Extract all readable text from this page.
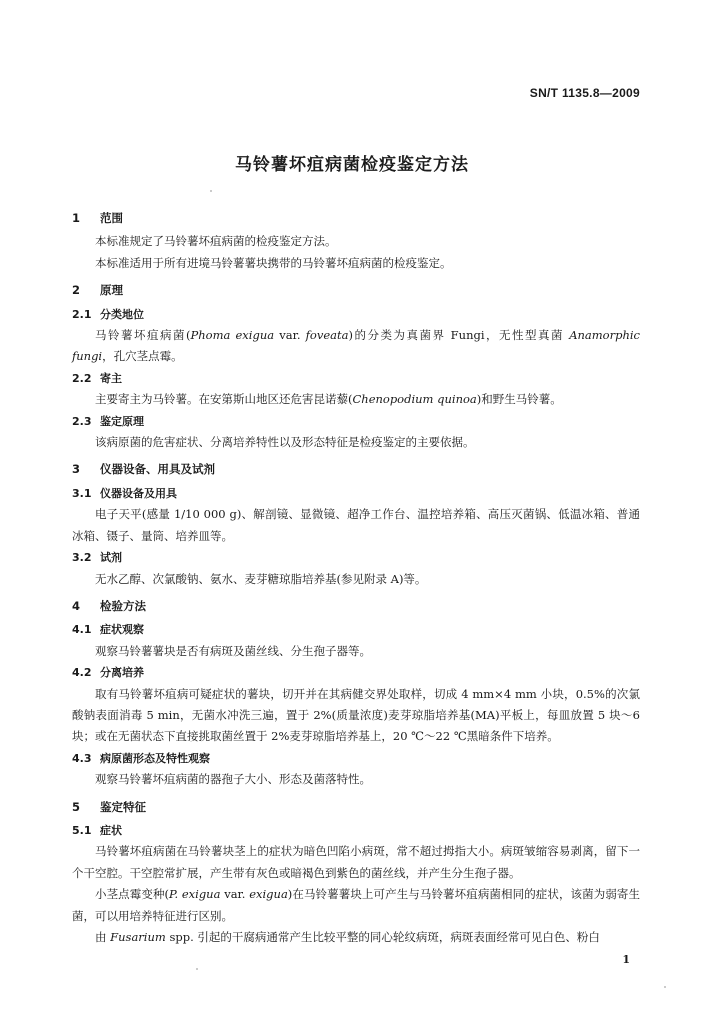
SN/T 1135.8—2009
马铃薯坏疽病菌检疫鉴定方法
1 范围
本标准规定了马铃薯坏疽病菌的检疫鉴定方法。
本标准适用于所有进境马铃薯薯块携带的马铃薯坏疽病菌的检疫鉴定。
2 原理
2.1 分类地位
马铃薯坏疽病菌(Phoma exigua var. foveata)的分类为真菌界 Fungi，无性型真菌 Anamorphic fungi，孔穴茎点霉。
2.2 寄主
主要寄主为马铃薯。在安第斯山地区还危害昆诺藜(Chenopodium quinoa)和野生马铃薯。
2.3 鉴定原理
该病原菌的危害症状、分离培养特性以及形态特征是检疫鉴定的主要依据。
3 仪器设备、用具及试剂
3.1 仪器设备及用具
电子天平(感量 1/10 000 g)、解剖镜、显微镜、超净工作台、温控培养箱、高压灭菌锅、低温冰箱、普通冰箱、镊子、量筒、培养皿等。
3.2 试剂
无水乙醇、次氯酸钠、氨水、麦芽糖琼脂培养基(参见附录 A)等。
4 检验方法
4.1 症状观察
观察马铃薯薯块是否有病斑及菌丝线、分生孢子器等。
4.2 分离培养
取有马铃薯坏疽病可疑症状的薯块，切开并在其病健交界处取样，切成 4 mm×4 mm 小块，0.5%的次氯酸钠表面消毒 5 min，无菌水冲洗三遍，置于 2%(质量浓度)麦芽琼脂培养基(MA)平板上，每皿放置 5 块～6 块；或在无菌状态下直接挑取菌丝置于 2%麦芽琼脂培养基上，20 ℃～22 ℃黑暗条件下培养。
4.3 病原菌形态及特性观察
观察马铃薯坏疽病菌的器孢子大小、形态及菌落特性。
5 鉴定特征
5.1 症状
马铃薯坏疽病菌在马铃薯块茎上的症状为暗色凹陷小病斑，常不超过拇指大小。病斑皱缩容易剥离，留下一个干空腔。干空腔常扩展，产生带有灰色或暗褐色到紫色的菌丝线，并产生分生孢子器。
小茎点霉变种(P. exigua var. exigua)在马铃薯薯块上可产生与马铃薯坏疽病菌相同的症状，该菌为弱寄生菌，可以用培养特征进行区别。
由 Fusarium spp. 引起的干腐病通常产生比较平整的同心轮纹病斑，病斑表面经常可见白色、粉白
1
